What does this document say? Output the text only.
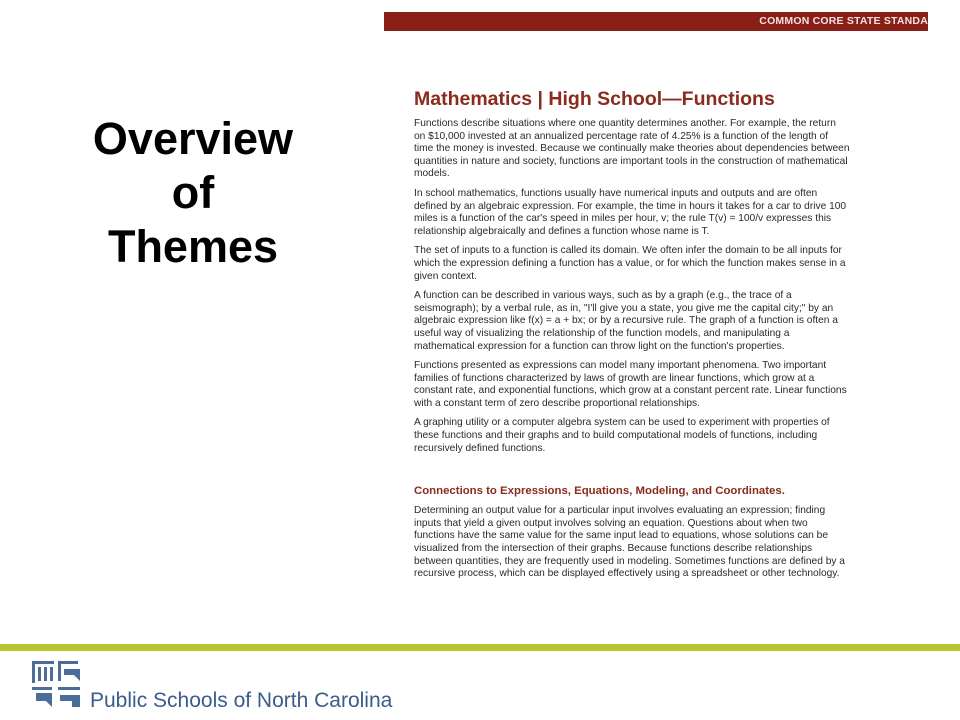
Overview
of
Themes
COMMON CORE STATE STANDA
Mathematics | High School—Functions

Functions describe situations where one quantity determines another. For example, the return on $10,000 invested at an annualized percentage rate of 4.25% is a function of the length of time the money is invested. Because we continually make theories about dependencies between quantities in nature and society, functions are important tools in the construction of mathematical models.

In school mathematics, functions usually have numerical inputs and outputs and are often defined by an algebraic expression. For example, the time in hours it takes for a car to drive 100 miles is a function of the car's speed in miles per hour, v; the rule T(v) = 100/v expresses this relationship algebraically and defines a function whose name is T.

The set of inputs to a function is called its domain. We often infer the domain to be all inputs for which the expression defining a function has a value, or for which the function makes sense in a given context.

A function can be described in various ways, such as by a graph (e.g., the trace of a seismograph); by a verbal rule, as in, "I'll give you a state, you give me the capital city;" by an algebraic expression like f(x) = a + bx; or by a recursive rule. The graph of a function is often a useful way of visualizing the relationship of the function models, and manipulating a mathematical expression for a function can throw light on the function's properties.

Functions presented as expressions can model many important phenomena. Two important families of functions characterized by laws of growth are linear functions, which grow at a constant rate, and exponential functions, which grow at a constant percent rate. Linear functions with a constant term of zero describe proportional relationships.

A graphing utility or a computer algebra system can be used to experiment with properties of these functions and their graphs and to build computational models of functions, including recursively defined functions.

Connections to Expressions, Equations, Modeling, and Coordinates.

Determining an output value for a particular input involves evaluating an expression; finding inputs that yield a given output involves solving an equation. Questions about when two functions have the same value for the same input lead to equations, whose solutions can be visualized from the intersection of their graphs. Because functions describe relationships between quantities, they are frequently used in modeling. Sometimes functions are defined by a recursive process, which can be displayed effectively using a spreadsheet or other technology.

Public Schools of North Carolina
